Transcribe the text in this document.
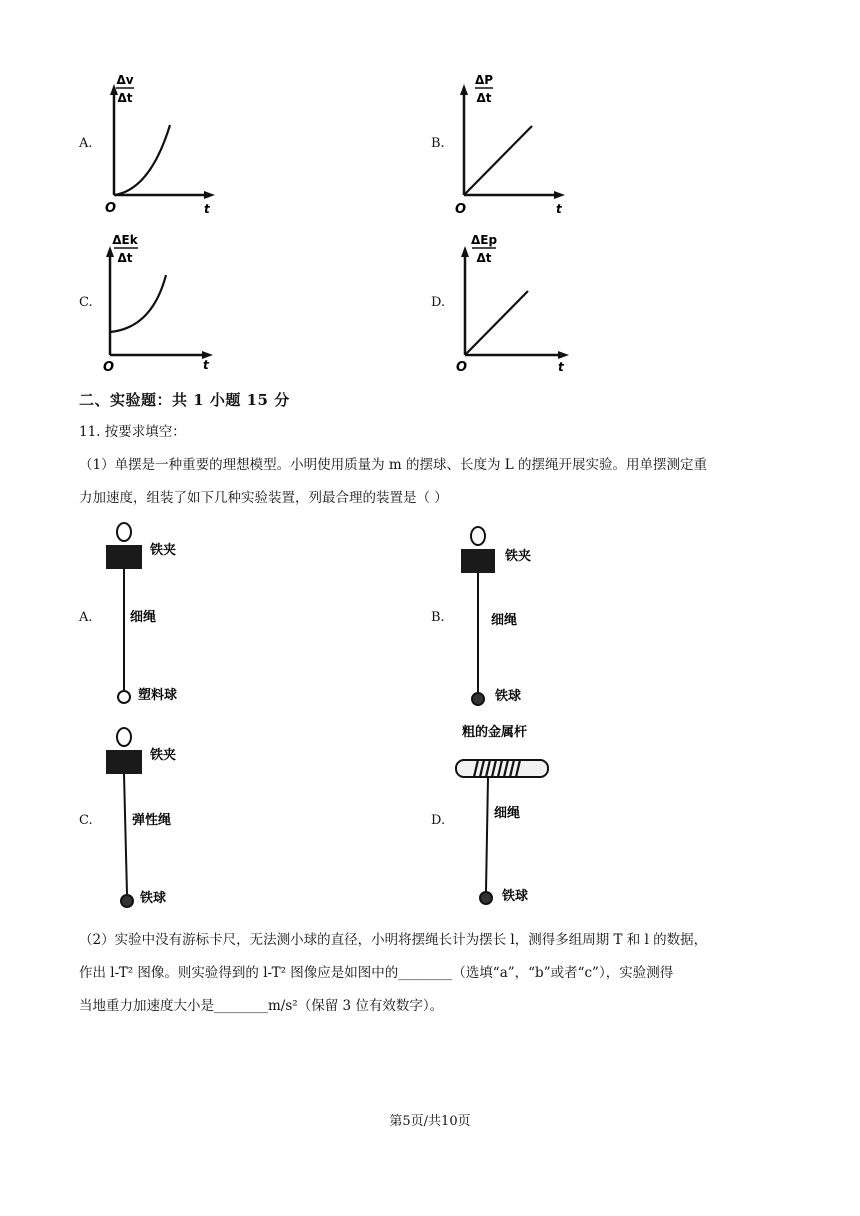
A.
Δv
Δt
O	t
B.
ΔP
Δt
O	t
C.
ΔEk
Δt
O	t
D.
ΔEp
Δt
O	t
二、实验题：共 1 小题 15 分
11. 按要求填空：
（1）单摆是一种重要的理想模型。小明使用质量为 m 的摆球、长度为 L 的摆绳开展实验。用单摆测定重
力加速度，组装了如下几种实验装置，列最合理的装置是（ ）
A.
铁夹
细绳
塑料球
B.
铁夹
细绳
铁球
C.
铁夹
弹性绳
铁球
D.
粗的金属杆
细绳
铁球
（2）实验中没有游标卡尺，无法测小球的直径，小明将摆绳长计为摆长 l，测得多组周期 T 和 l 的数据，
作出 l-T² 图像。则实验得到的 l-T² 图像应是如图中的________（选填“a”，“b”或者“c”），实验测得
当地重力加速度大小是________m/s²（保留 3 位有效数字）。
第5页/共10页
